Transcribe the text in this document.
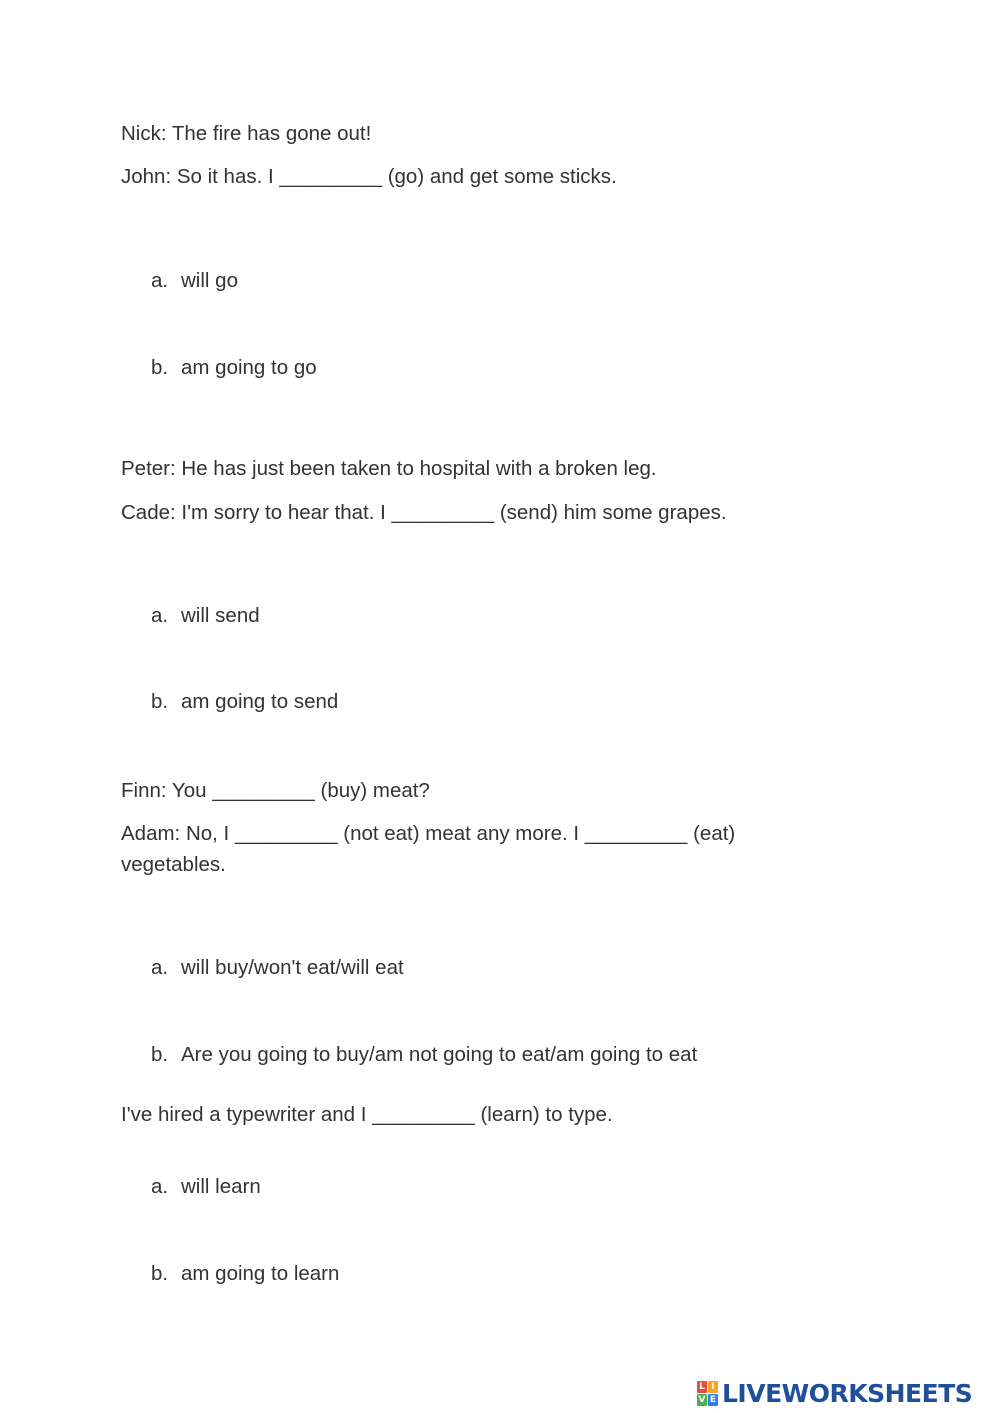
Nick: The fire has gone out!
John: So it has. I _________ (go) and get some sticks.
a. will go
b. am going to go
Peter: He has just been taken to hospital with a broken leg.
Cade: I'm sorry to hear that. I _________ (send) him some grapes.
a. will send
b. am going to send
Finn: You _________ (buy) meat?
Adam: No, I _________ (not eat) meat any more. I _________ (eat) vegetables.
a. will buy/won't eat/will eat
b. Are you going to buy/am not going to eat/am going to eat
I've hired a typewriter and I _________ (learn) to type.
a. will learn
b. am going to learn
L I
V E LIVEWORKSHEETS
